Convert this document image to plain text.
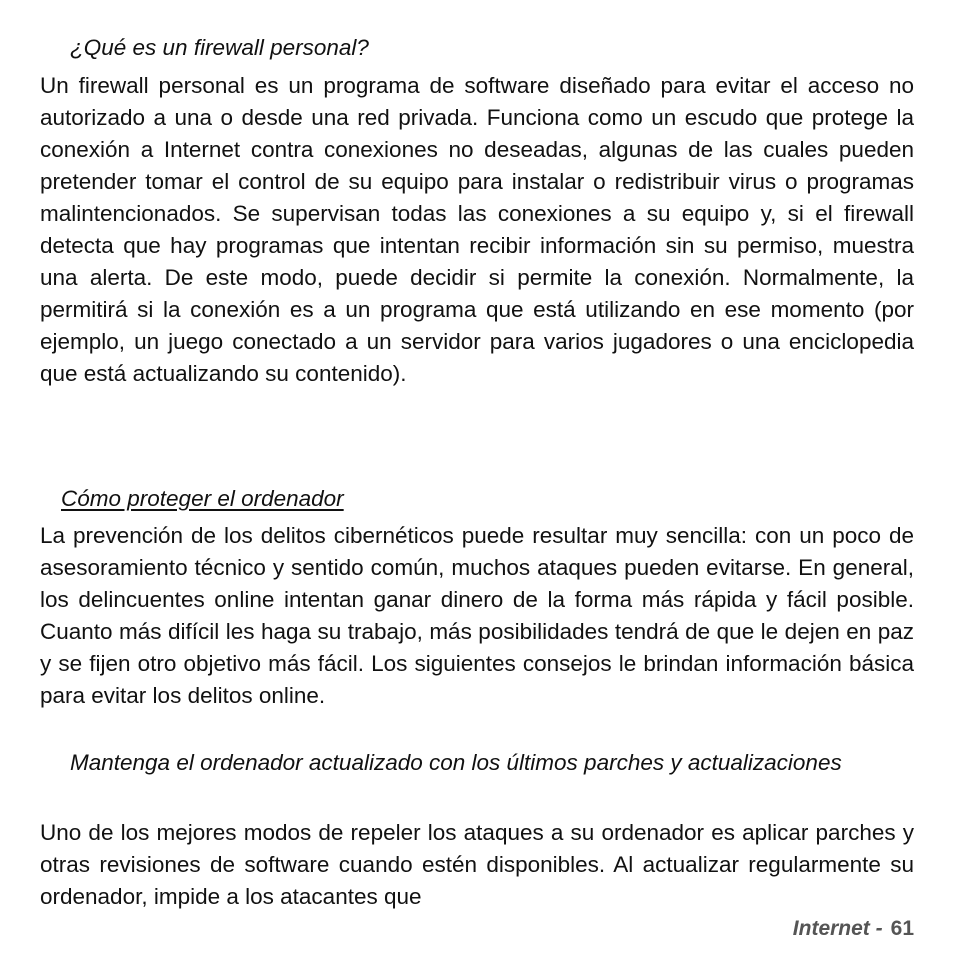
¿Qué es un firewall personal?

Un firewall personal es un programa de software diseñado para evitar el acceso no autorizado a una o desde una red privada. Funciona como un escudo que protege la conexión a Internet contra conexiones no deseadas, algunas de las cuales pueden pretender tomar el control de su equipo para instalar o redistribuir virus o programas malintencionados. Se supervisan todas las conexiones a su equipo y, si el firewall detecta que hay programas que intentan recibir información sin su permiso, muestra una alerta. De este modo, puede decidir si permite la conexión. Normalmente, la permitirá si la conexión es a un programa que está utilizando en ese momento (por ejemplo, un juego conectado a un servidor para varios jugadores o una enciclopedia que está actualizando su contenido).

Cómo proteger el ordenador

La prevención de los delitos cibernéticos puede resultar muy sencilla: con un poco de asesoramiento técnico y sentido común, muchos ataques pueden evitarse. En general, los delincuentes online intentan ganar dinero de la forma más rápida y fácil posible. Cuanto más difícil les haga su trabajo, más posibilidades tendrá de que le dejen en paz y se fijen otro objetivo más fácil. Los siguientes consejos le brindan información básica para evitar los delitos online.

Mantenga el ordenador actualizado con los últimos parches y actualizaciones

Uno de los mejores modos de repeler los ataques a su ordenador es aplicar parches y otras revisiones de software cuando estén disponibles. Al actualizar regularmente su ordenador, impide a los atacantes que

Internet - 61
